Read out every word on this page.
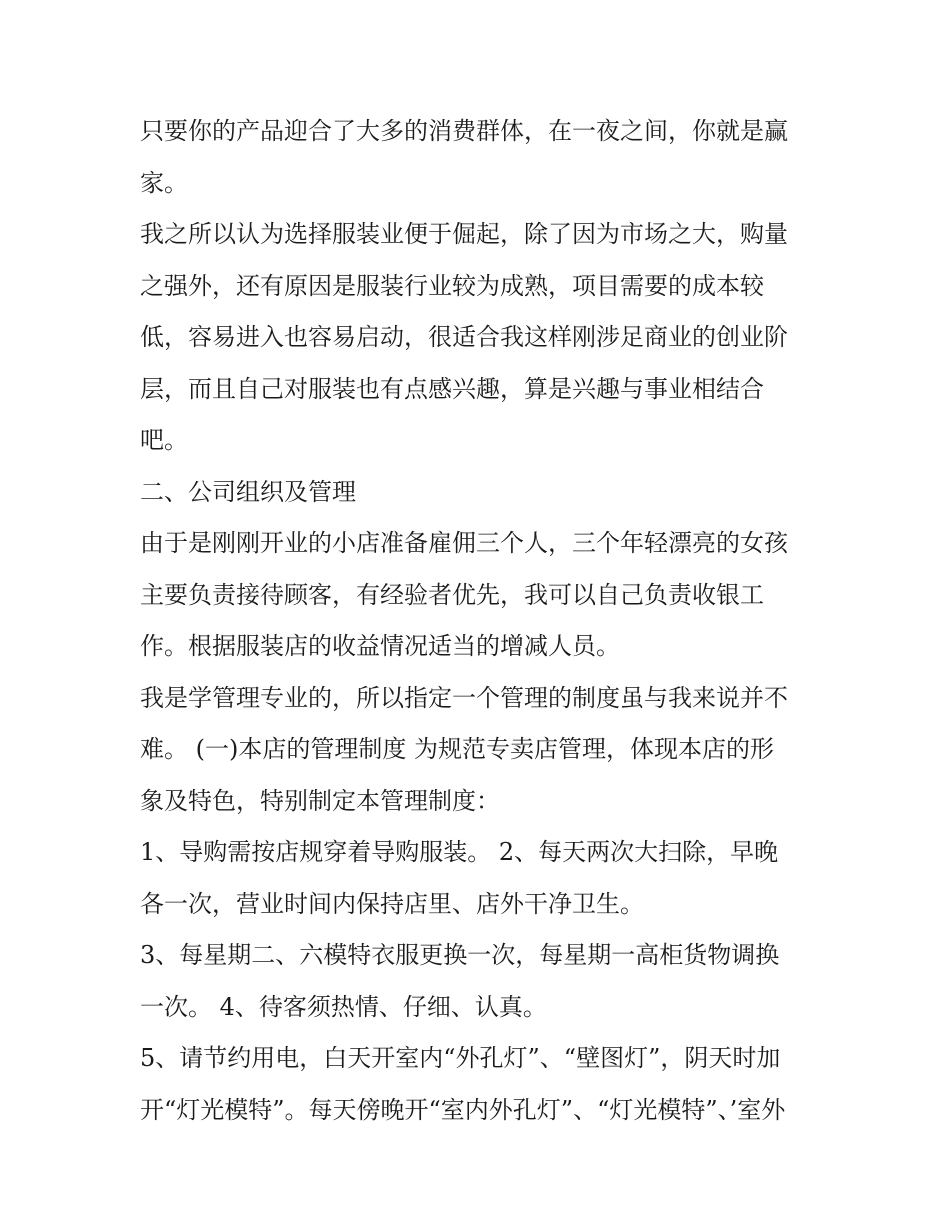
只要你的产品迎合了大多的消费群体，在一夜之间，你就是赢
家。
我之所以认为选择服装业便于倔起，除了因为市场之大，购量
之强外，还有原因是服装行业较为成熟，项目需要的成本较
低，容易进入也容易启动，很适合我这样刚涉足商业的创业阶
层，而且自己对服装也有点感兴趣，算是兴趣与事业相结合
吧。
二、公司组织及管理
由于是刚刚开业的小店准备雇佣三个人，三个年轻漂亮的女孩
主要负责接待顾客，有经验者优先，我可以自己负责收银工
作。根据服装店的收益情况适当的增减人员。
我是学管理专业的，所以指定一个管理的制度虽与我来说并不
难。 (一)本店的管理制度 为规范专卖店管理，体现本店的形
象及特色，特别制定本管理制度：
1、导购需按店规穿着导购服装。 2、每天两次大扫除，早晚
各一次，营业时间内保持店里、店外干净卫生。
3、每星期二、六模特衣服更换一次，每星期一高柜货物调换
一次。 4、待客须热情、仔细、认真。
5、请节约用电，白天开室内“外孔灯”、“壁图灯”，阴天时加
开“灯光模特”。每天傍晚开“室内外孔灯”、“灯光模特”、’室外
